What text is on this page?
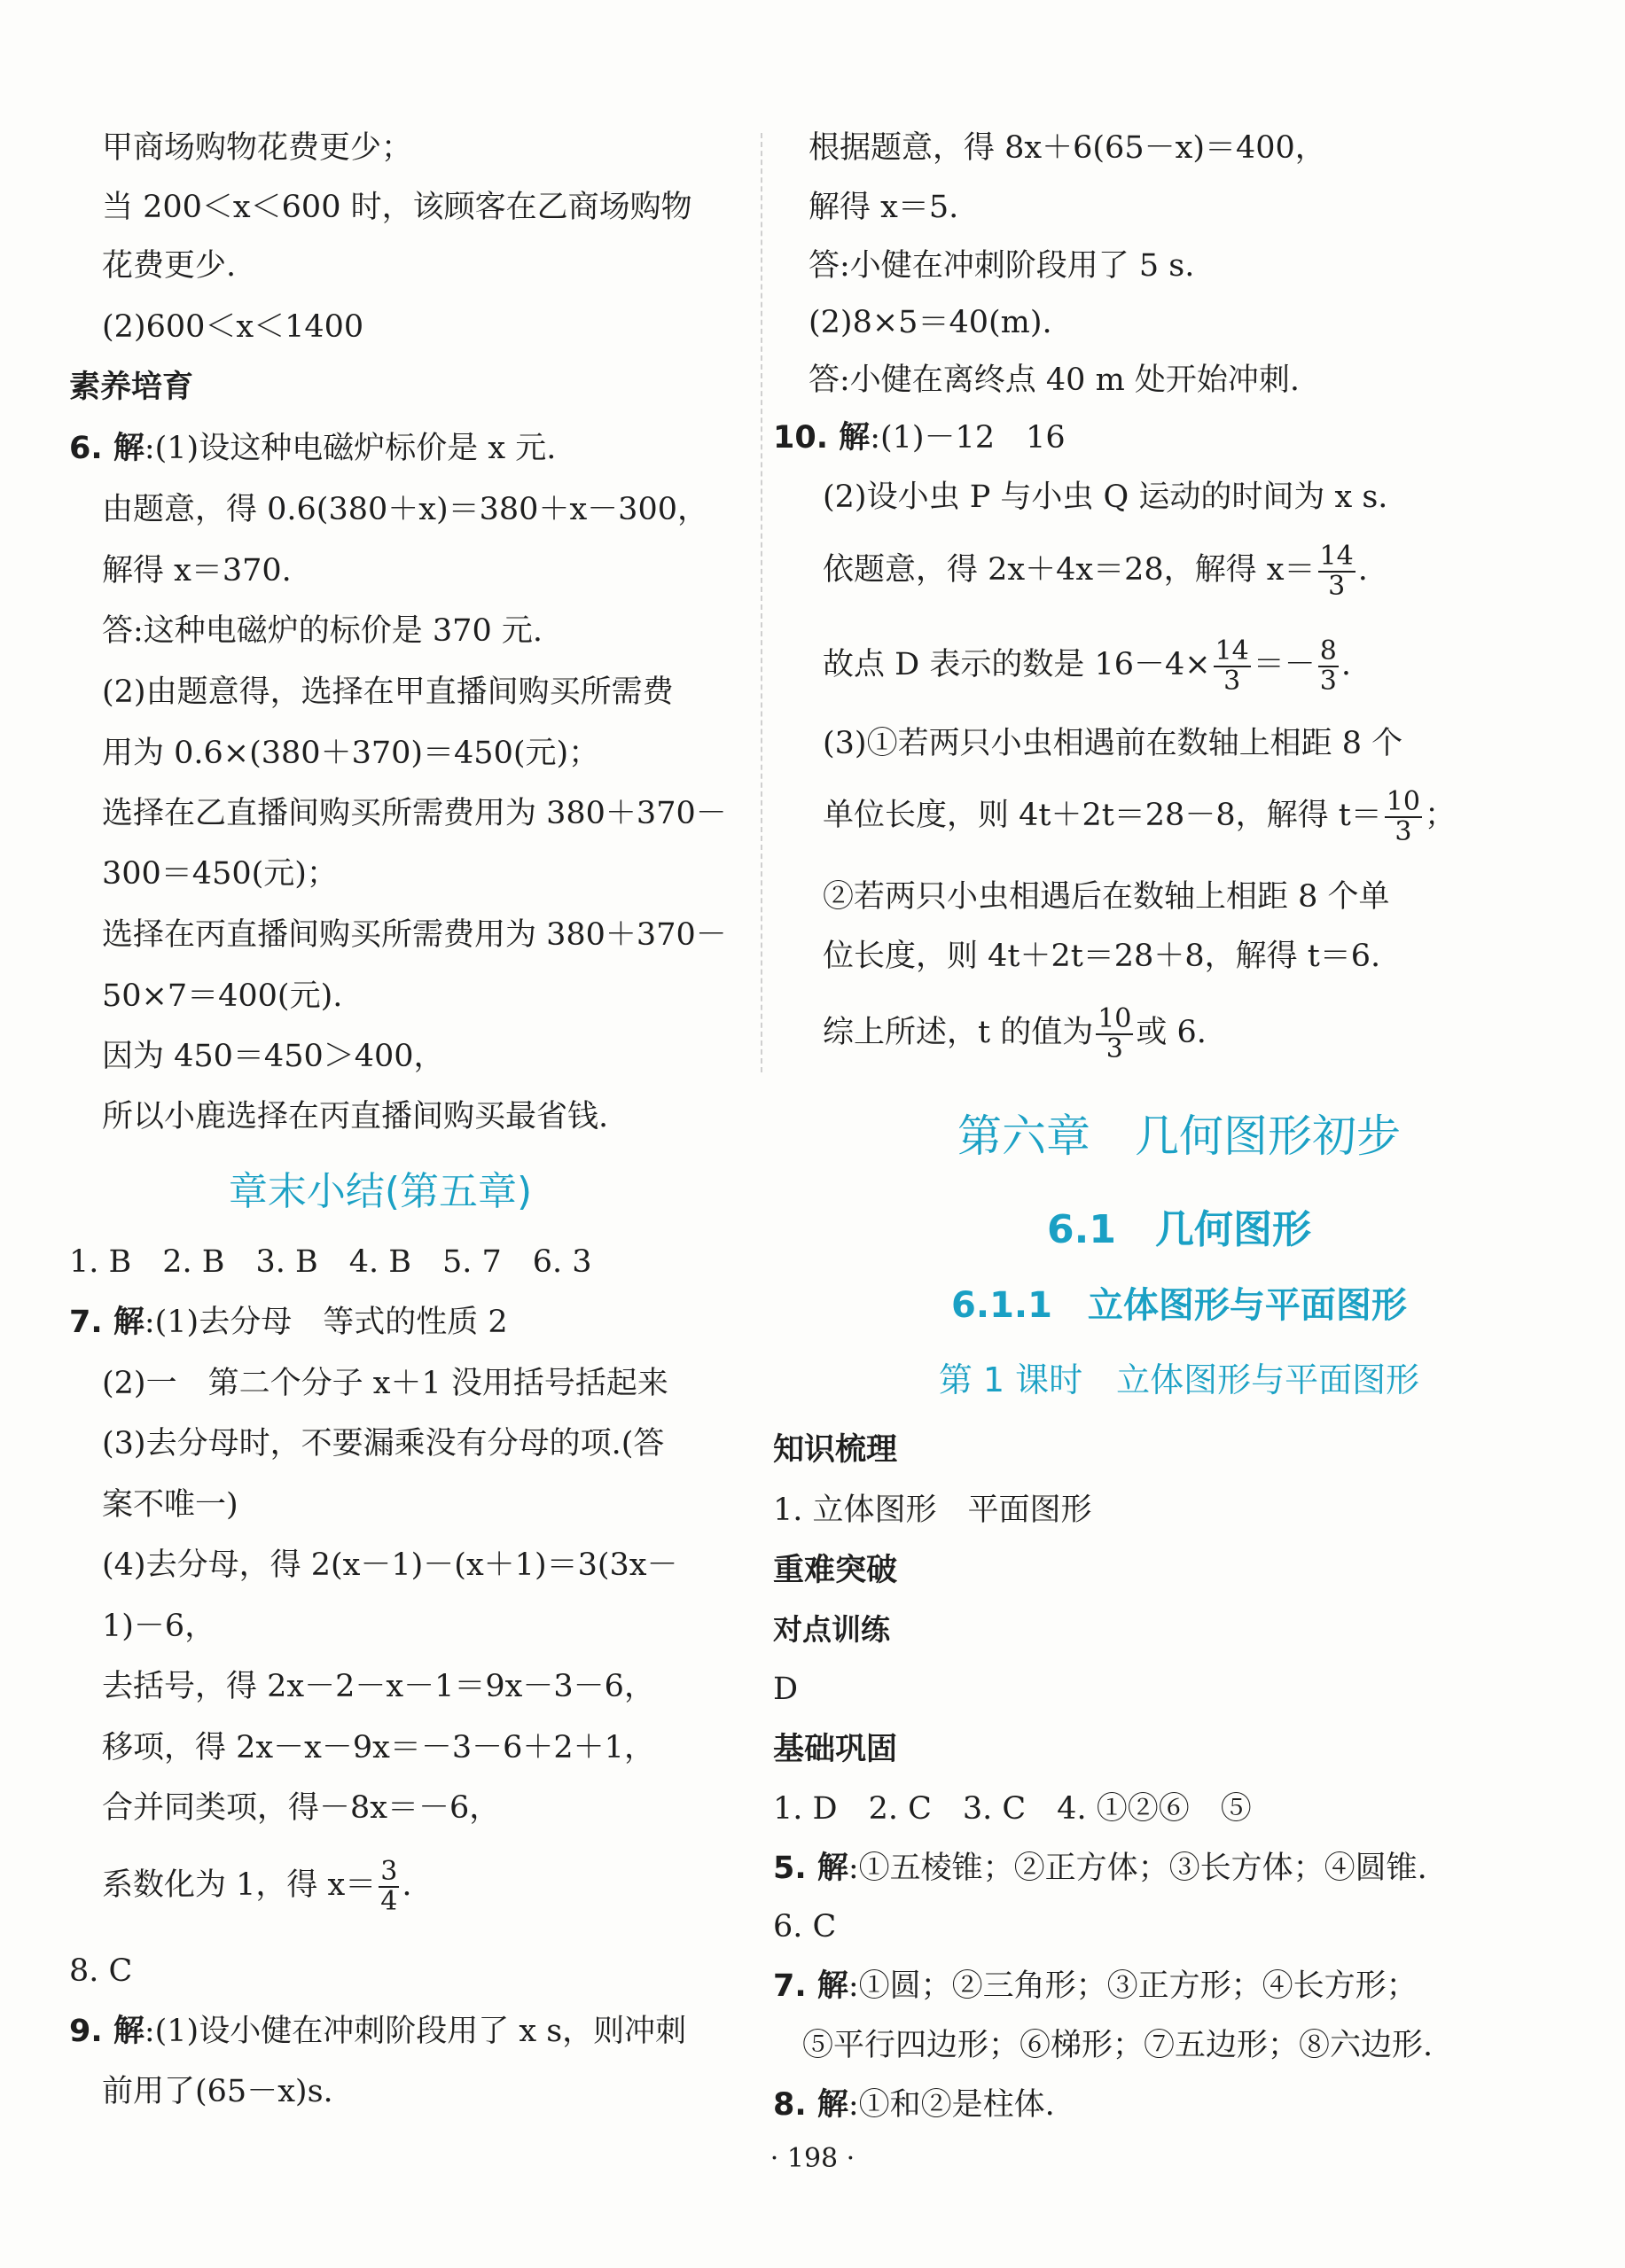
甲商场购物花费更少；
当 200＜x＜600 时，该顾客在乙商场购物
花费更少.
(2)600＜x＜1400
素养培育
6. 解:(1)设这种电磁炉标价是 x 元.
由题意，得 0.6(380＋x)＝380＋x－300，
解得 x＝370.
答:这种电磁炉的标价是 370 元.
(2)由题意得，选择在甲直播间购买所需费
用为 0.6×(380＋370)＝450(元)；
选择在乙直播间购买所需费用为 380＋370－
300＝450(元)；
选择在丙直播间购买所需费用为 380＋370－
50×7＝400(元).
因为 450＝450＞400，
所以小鹿选择在丙直播间购买最省钱.
章末小结(第五章)
1. B　2. B　3. B　4. B　5. 7　6. 3
7. 解:(1)去分母　等式的性质 2
(2)一　第二个分子 x＋1 没用括号括起来
(3)去分母时，不要漏乘没有分母的项.(答
案不唯一)
(4)去分母，得 2(x－1)－(x＋1)＝3(3x－
1)－6，
去括号，得 2x－2－x－1＝9x－3－6，
移项，得 2x－x－9x＝－3－6＋2＋1，
合并同类项，得－8x＝－6，
系数化为 1，得 $x= \frac{3}{4}$ .
8. C
9. 解:(1)设小健在冲刺阶段用了 x s，则冲刺
前用了(65－x)s.
根据题意，得 8x＋6(65－x)＝400，
解得 x＝5.
答:小健在冲刺阶段用了 5 s.
(2)8×5＝40(m).
答:小健在离终点 40 m 处开始冲刺.
10. 解:(1)－12　16
(2)设小虫 P 与小虫 Q 运动的时间为 x s.
依题意，得 2x＋4x＝28，解得 $x= \frac{14}{3}$ .
故点 D 表示的数是 $16-4\times \frac{14}{3} =- \frac{8}{3}$ .
(3)①若两只小虫相遇前在数轴上相距 8 个
单位长度，则 4t＋2t＝28－8，解得 $t= \frac{10}{3}$ ；
②若两只小虫相遇后在数轴上相距 8 个单
位长度，则 4t＋2t＝28＋8，解得 t＝6.
综上所述，t 的值为 $\frac{10}{3}$ 或 6.
第六章　几何图形初步
6.1　几何图形
6.1.1　立体图形与平面图形
第 1 课时　立体图形与平面图形
知识梳理
1. 立体图形　平面图形
重难突破
对点训练
D
基础巩固
1. D　2. C　3. C　4. ①②⑥　⑤
5. 解:①五棱锥；②正方体；③长方体；④圆锥.
6. C
7. 解:①圆；②三角形；③正方形；④长方形；
⑤平行四边形；⑥梯形；⑦五边形；⑧六边形.
8. 解:①和②是柱体.
· 198 ·
